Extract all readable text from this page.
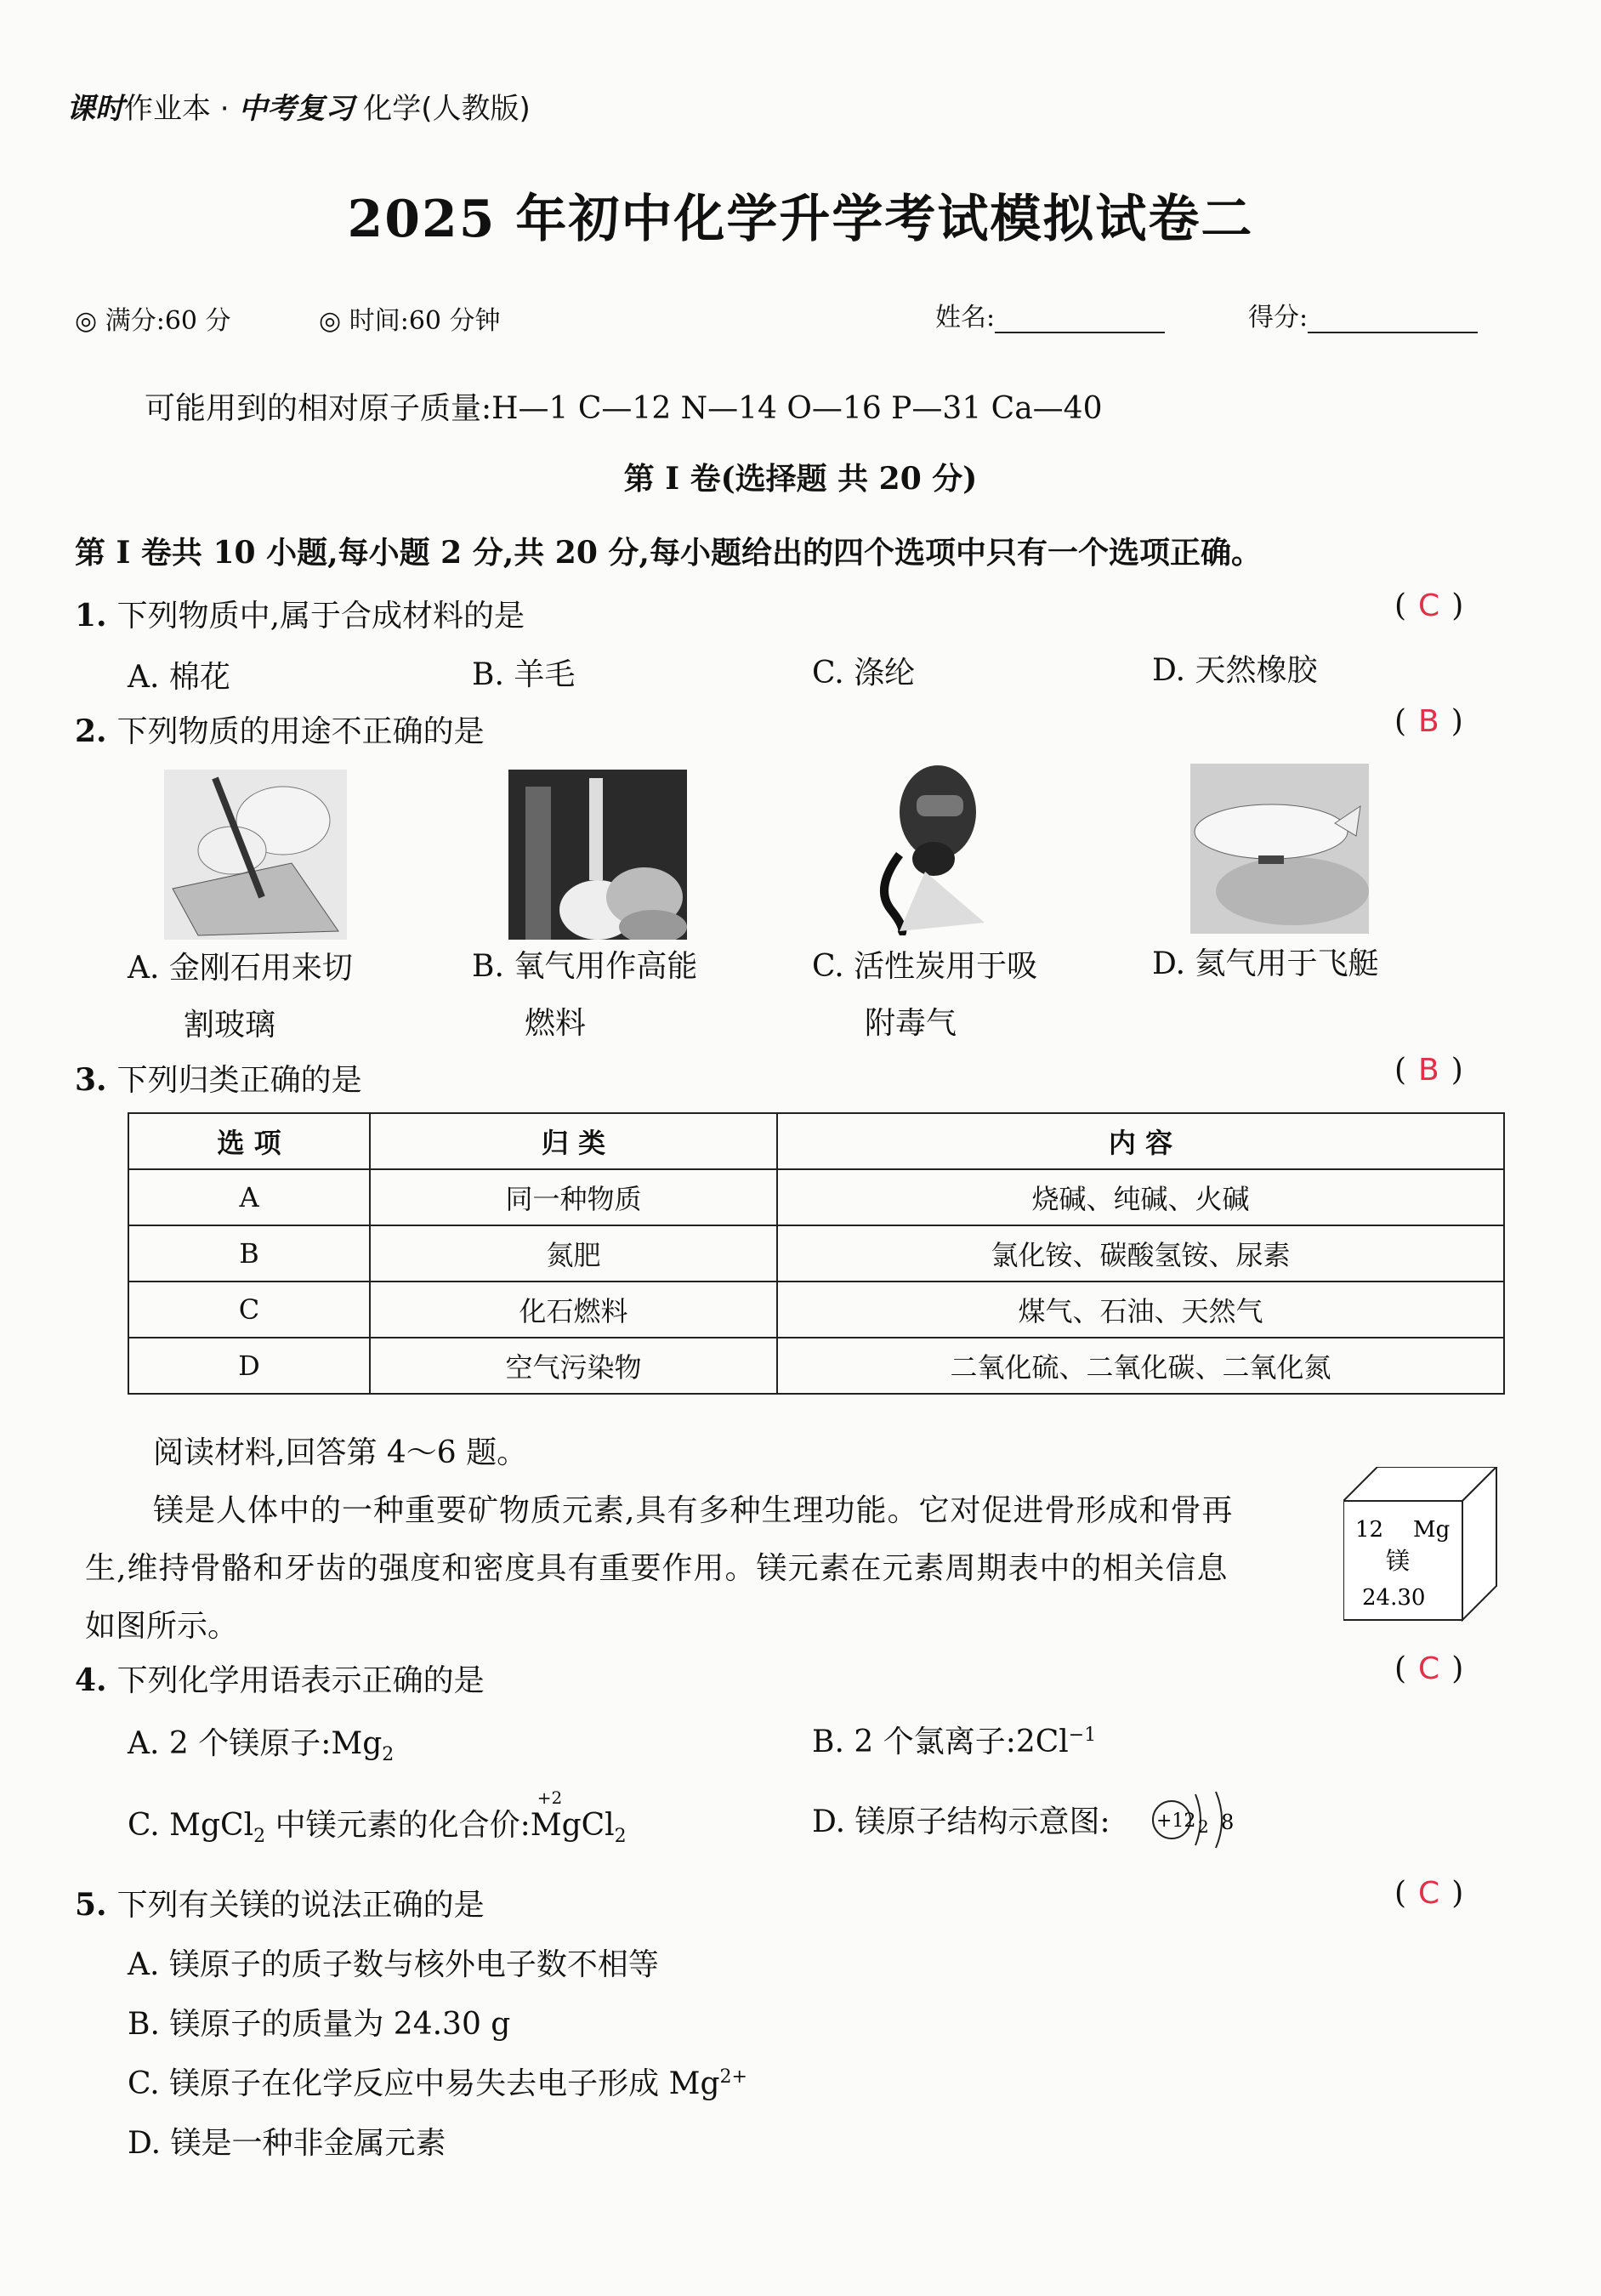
课时作业本 · 中考复习 化学(人教版)
2025 年初中化学升学考试模拟试卷二
◎ 满分:60 分	◎ 时间:60 分钟	姓名:	得分:
可能用到的相对原子质量:H—1 C—12 N—14 O—16 P—31 Ca—40
第 I 卷(选择题 共 20 分)
第 I 卷共 10 小题,每小题 2 分,共 20 分,每小题给出的四个选项中只有一个选项正确。
1. 下列物质中,属于合成材料的是	( C )
A. 棉花	B. 羊毛	C. 涤纶	D. 天然橡胶
2. 下列物质的用途不正确的是	( B )
A. 金刚石用来切
割玻璃
B. 氧气用作高能
燃料
C. 活性炭用于吸
附毒气
D. 氦气用于飞艇
3. 下列归类正确的是	( B )
选 项	归 类	内 容
A	同一种物质	烧碱、纯碱、火碱
B	氮肥	氯化铵、碳酸氢铵、尿素
C	化石燃料	煤气、石油、天然气
D	空气污染物	二氧化硫、二氧化碳、二氧化氮
阅读材料,回答第 4～6 题。
镁是人体中的一种重要矿物质元素,具有多种生理功能。它对促进骨形成和骨再
生,维持骨骼和牙齿的强度和密度具有重要作用。镁元素在元素周期表中的相关信息
如图所示。
12 Mg
镁
24.30
4. 下列化学用语表示正确的是	( C )
A. 2 个镁原子$:Mg_2$	B. 2 个氯离子$:2Cl^{-1}$
C. MgCl$_2$ 中镁元素的化合价:
+2
MgCl$_2$	D. 镁原子结构示意图: +12 2 8
5. 下列有关镁的说法正确的是	( C )
A. 镁原子的质子数与核外电子数不相等
B. 镁原子的质量为 24.30 g
C. 镁原子在化学反应中易失去电子形成 $Mg^{2+}$
D. 镁是一种非金属元素
